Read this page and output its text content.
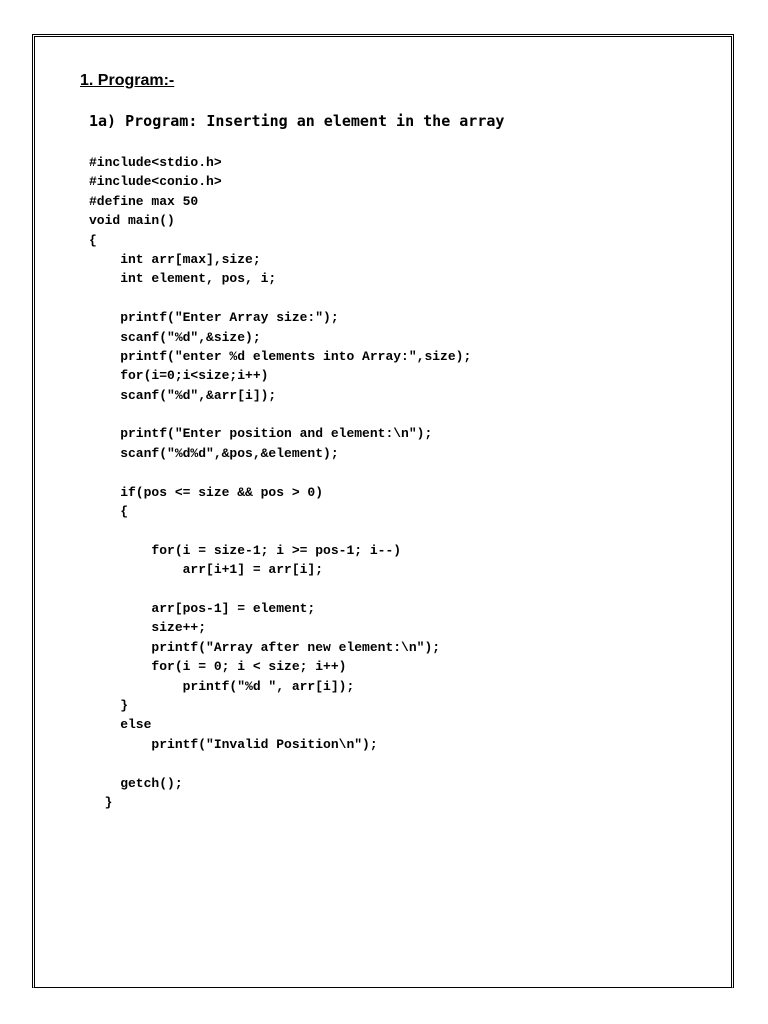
1. Program:-
1a) Program: Inserting an element in the array
#include<stdio.h>
#include<conio.h>
#define max 50
void main()
{
int arr[max],size;
int element, pos, i;
printf("Enter Array size:");
scanf("%d",&size);
printf("enter %d elements into Array:",size);
for(i=0;i<size;i++)
scanf("%d",&arr[i]);
printf("Enter position and element:\n");
scanf("%d%d",&pos,&element);
if(pos <= size && pos > 0)
{
for(i = size-1; i >= pos-1; i--)
arr[i+1] = arr[i];
arr[pos-1] = element;
size++;
printf("Array after new element:\n");
for(i = 0; i < size; i++)
printf("%d ", arr[i]);
}
else
printf("Invalid Position\n");
getch();
}
